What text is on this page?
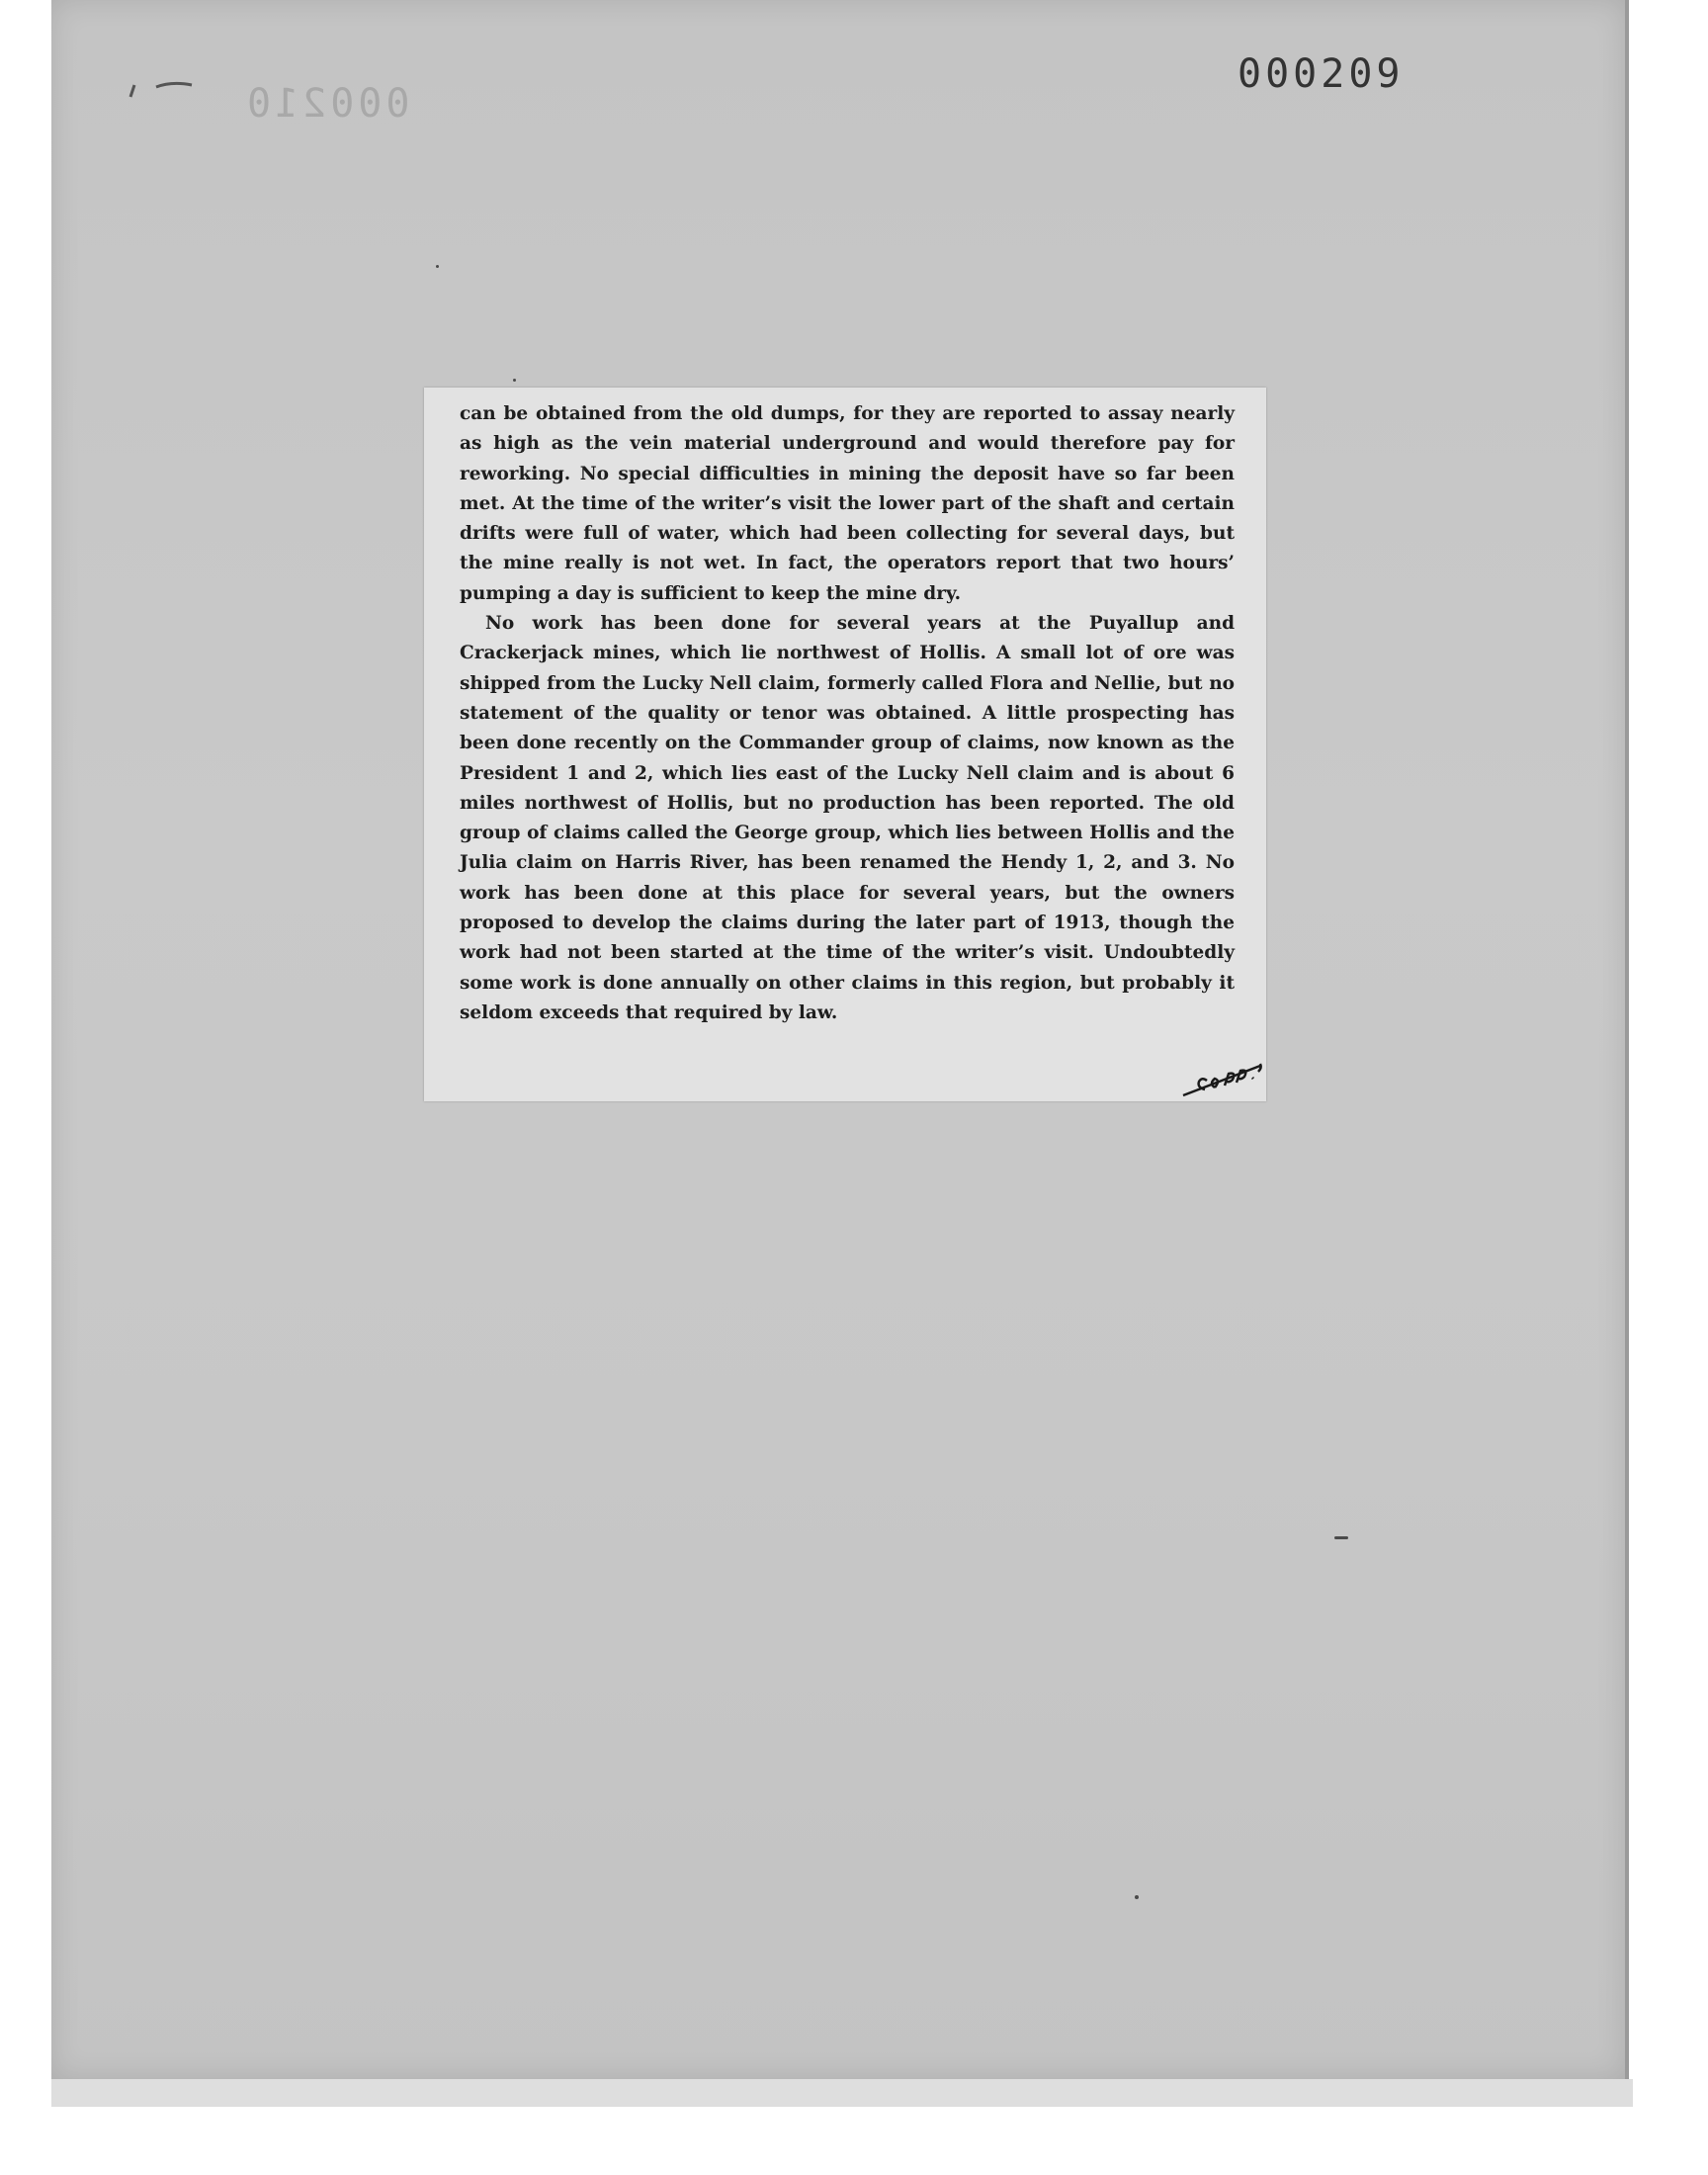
000209
000210

can be obtained from the old dumps, for they are reported to assay nearly as high as the vein material underground and would therefore pay for reworking. No special difficulties in mining the deposit have so far been met. At the time of the writer’s visit the lower part of the shaft and certain drifts were full of water, which had been collecting for several days, but the mine really is not wet. In fact, the operators report that two hours’ pumping a day is sufficient to keep the mine dry.

No work has been done for several years at the Puyallup and Crackerjack mines, which lie northwest of Hollis. A small lot of ore was shipped from the Lucky Nell claim, formerly called Flora and Nellie, but no statement of the quality or tenor was obtained. A little prospecting has been done recently on the Commander group of claims, now known as the President 1 and 2, which lies east of the Lucky Nell claim and is about 6 miles northwest of Hollis, but no production has been reported. The old group of claims called the George group, which lies between Hollis and the Julia claim on Harris River, has been renamed the Hendy 1, 2, and 3. No work has been done at this place for several years, but the owners proposed to develop the claims during the later part of 1913, though the work had not been started at the time of the writer’s visit. Undoubtedly some work is done annually on other claims in this region, but probably it seldom exceeds that required by law.
